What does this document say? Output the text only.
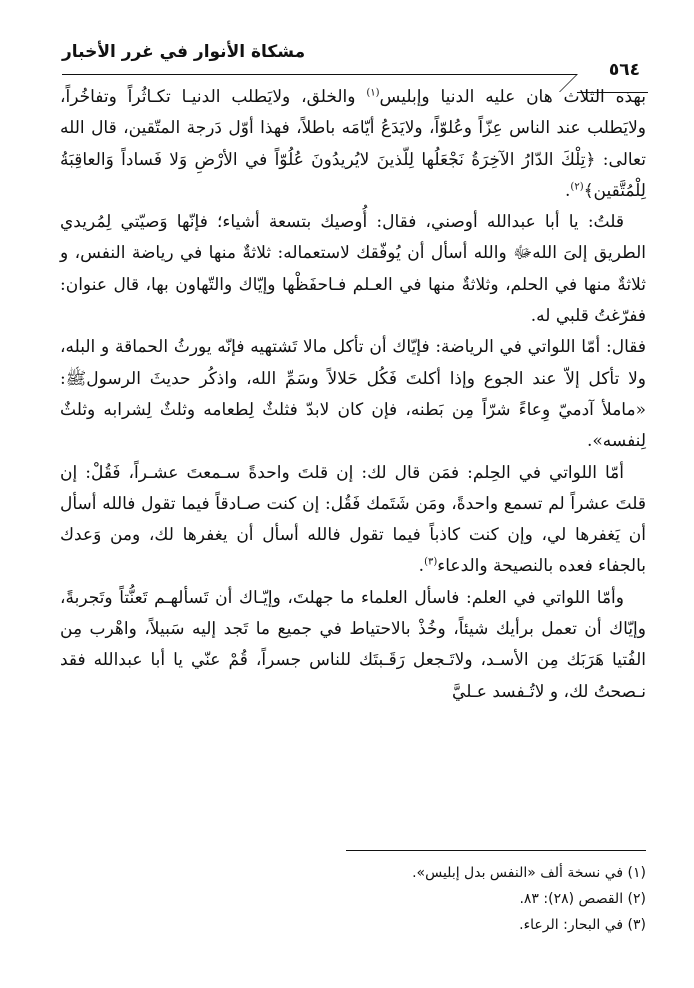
مشكاة الأنوار في غرر الأخبار
٥٦٤

بهذه الثلاث هان عليه الدنيا وإبليس$^{(١)}$ والخلق، ولايَطلب الدنيـا تكـاثُراً وتفاخُراً، ولايَطلب عند الناس عِزّاً وعُلوّاً، ولايَدَعُ أيّامَه باطلاً، فهذا أوّل دَرجة المتّقين، قال الله تعالى: ﴿تِلْكَ الدّارُ الآخِرَةُ نَجْعَلُها لِلّذينَ لايُريدُونَ عُلُوّاً في الأرْضِ وَلا فَساداً وَالعاقِبَةُ لِلْمُتَّقين﴾$^{(٢)}$.

قلتُ: يا أبا عبدالله أوصني، فقال: أُوصيك بتسعة أشياء؛ فإنّها وَصيّتي لِمُريدي الطريق إلىَ اللهﷻ والله أسأل أن يُوفّقك لاستعماله: ثلاثةٌ منها في رياضة النفس، و ثلاثةٌ منها في الحلم، وثلاثةٌ منها في العـلم فـاحفَظْها وإيّاك والتّهاون بها، قال عنوان: ففرّغتُ قلبي له.

فقال: أمّا اللواتي في الرياضة: فإيّاك أن تأكل مالا تَشتهيه فإنّه يورثُ الحماقة و البله، ولا تأكل إلاّ عند الجوع وإذا أكلتَ فَكُل حَلالاً وسَمِّ الله، واذكُر حديثَ الرسولﷺ: «ماملأ آدميّ وِعاءً شرّاً مِن بَطنه، فإن كان لابدّ فثلثٌ لِطعامه وثلثٌ لِشرابه وثلثٌ لِنفسه».

أمّا اللواتي في الحِلم: فمَن قال لك: إن قلتَ واحدةً سـمعتَ عشـراً، فَقُلْ: إن قلتَ عشراً لم تسمع واحدةً، ومَن شَتَمك فَقُل: إن كنت صـادقاً فيما تقول فالله أسأل أن يَغفرها لي، وإن كنت كاذباً فيما تقول فالله أسأل أن يغفرها لك، ومن وَعدك بالجفاء فعده بالنصيحة والدعاء$^{(٣)}$.

وأمّا اللواتي في العلم: فاسأل العلماء ما جهلتَ، وإيّـاك أن تَسألهـم تَعنُّتاً وتَجربةً، وإيّاك أن تعمل برأيك شيئاً، وخُذْ بالاحتياط في جميع ما تَجد إليه سَبيلاً، واهْرب مِن الفُتيا هَرَبَك مِن الأسـد، ولاتَـجعل رَقَـبتَك للناس جسراً، قُمْ عنّي يا أبا عبدالله فقد نـصحتُ لك، و لاتُـفسد عـليَّ

(١) في نسخة ألف «النفس بدل إبليس».

(٢) القصص (٢٨): ٨٣.

(٣) في البحار: الرعاء.
